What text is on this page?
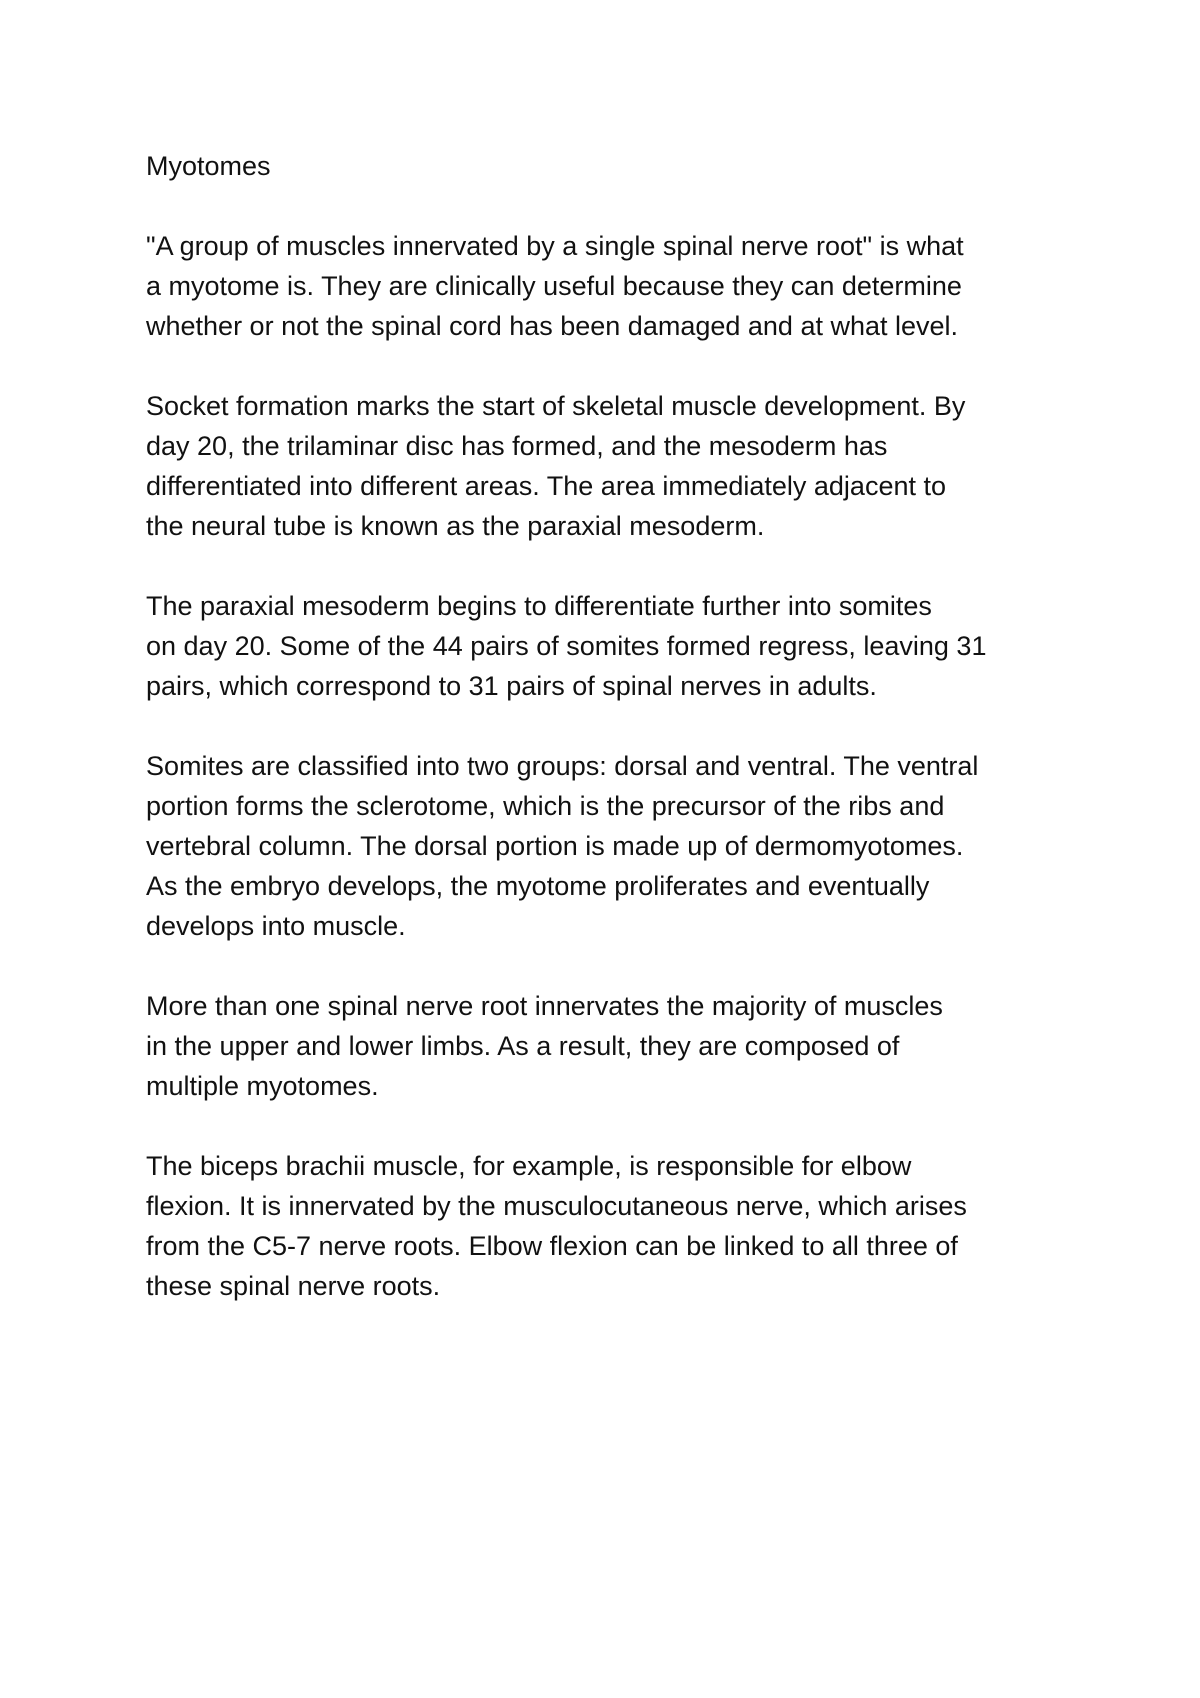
Myotomes

"A group of muscles innervated by a single spinal nerve root" is what
a myotome is. They are clinically useful because they can determine
whether or not the spinal cord has been damaged and at what level.

Socket formation marks the start of skeletal muscle development. By
day 20, the trilaminar disc has formed, and the mesoderm has
differentiated into different areas. The area immediately adjacent to
the neural tube is known as the paraxial mesoderm.

The paraxial mesoderm begins to differentiate further into somites
on day 20. Some of the 44 pairs of somites formed regress, leaving 31
pairs, which correspond to 31 pairs of spinal nerves in adults.

Somites are classified into two groups: dorsal and ventral. The ventral
portion forms the sclerotome, which is the precursor of the ribs and
vertebral column. The dorsal portion is made up of dermomyotomes.
As the embryo develops, the myotome proliferates and eventually
develops into muscle.

More than one spinal nerve root innervates the majority of muscles
in the upper and lower limbs. As a result, they are composed of
multiple myotomes.

The biceps brachii muscle, for example, is responsible for elbow
flexion. It is innervated by the musculocutaneous nerve, which arises
from the C5-7 nerve roots. Elbow flexion can be linked to all three of
these spinal nerve roots.
